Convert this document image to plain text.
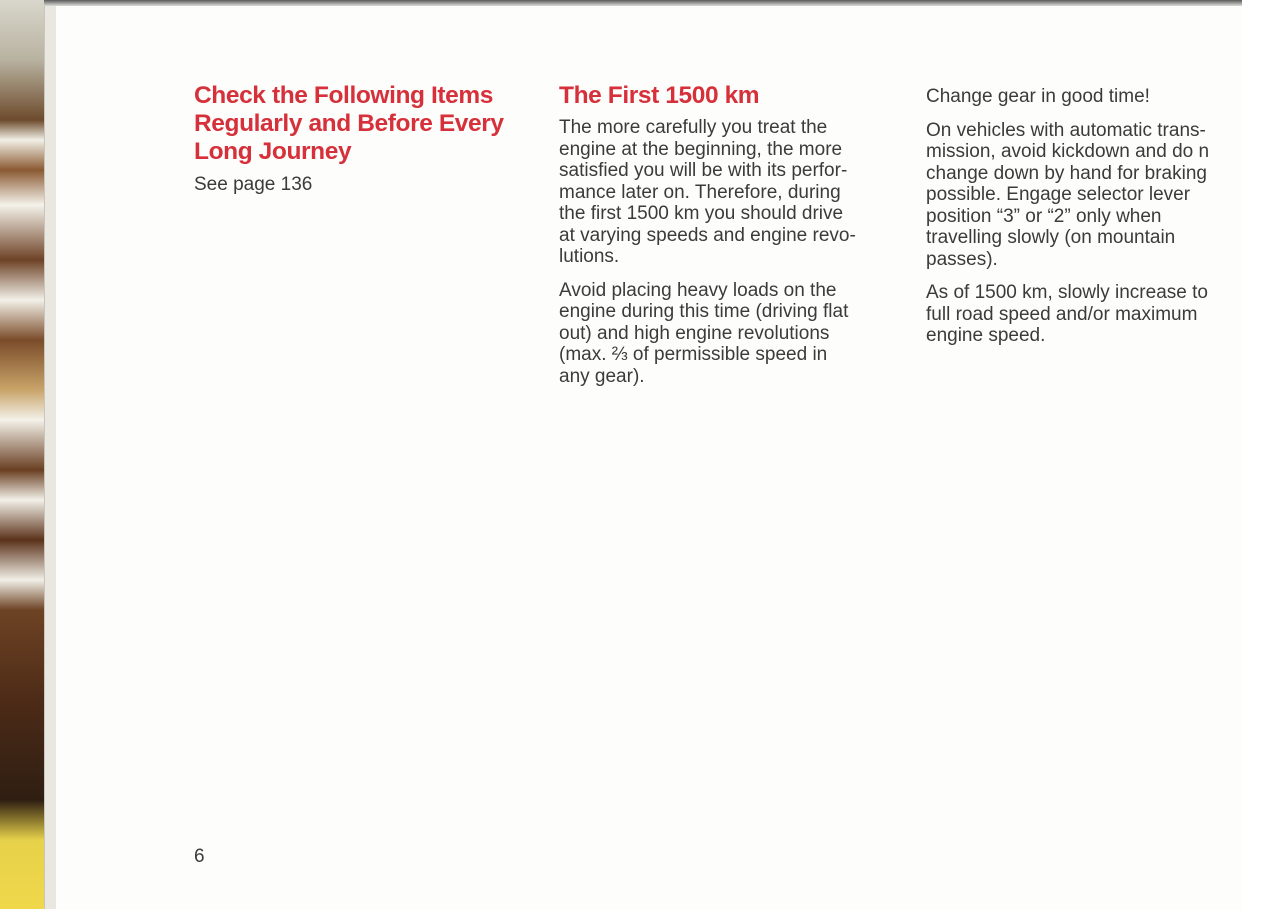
Check the Following Items Regularly and Before Every Long Journey

See page 136

The First 1500 km

The more carefully you treat the
engine at the beginning, the more
satisfied you will be with its perfor-
mance later on. Therefore, during
the first 1500 km you should drive
at varying speeds and engine revo-
lutions.

Avoid placing heavy loads on the
engine during this time (driving flat
out) and high engine revolutions
(max. ⅔ of permissible speed in
any gear).

Change gear in good time!

On vehicles with automatic trans-
mission, avoid kickdown and do n
change down by hand for braking
possible. Engage selector lever
position “3” or “2” only when
travelling slowly (on mountain
passes).

As of 1500 km, slowly increase to
full road speed and/or maximum
engine speed.

6
